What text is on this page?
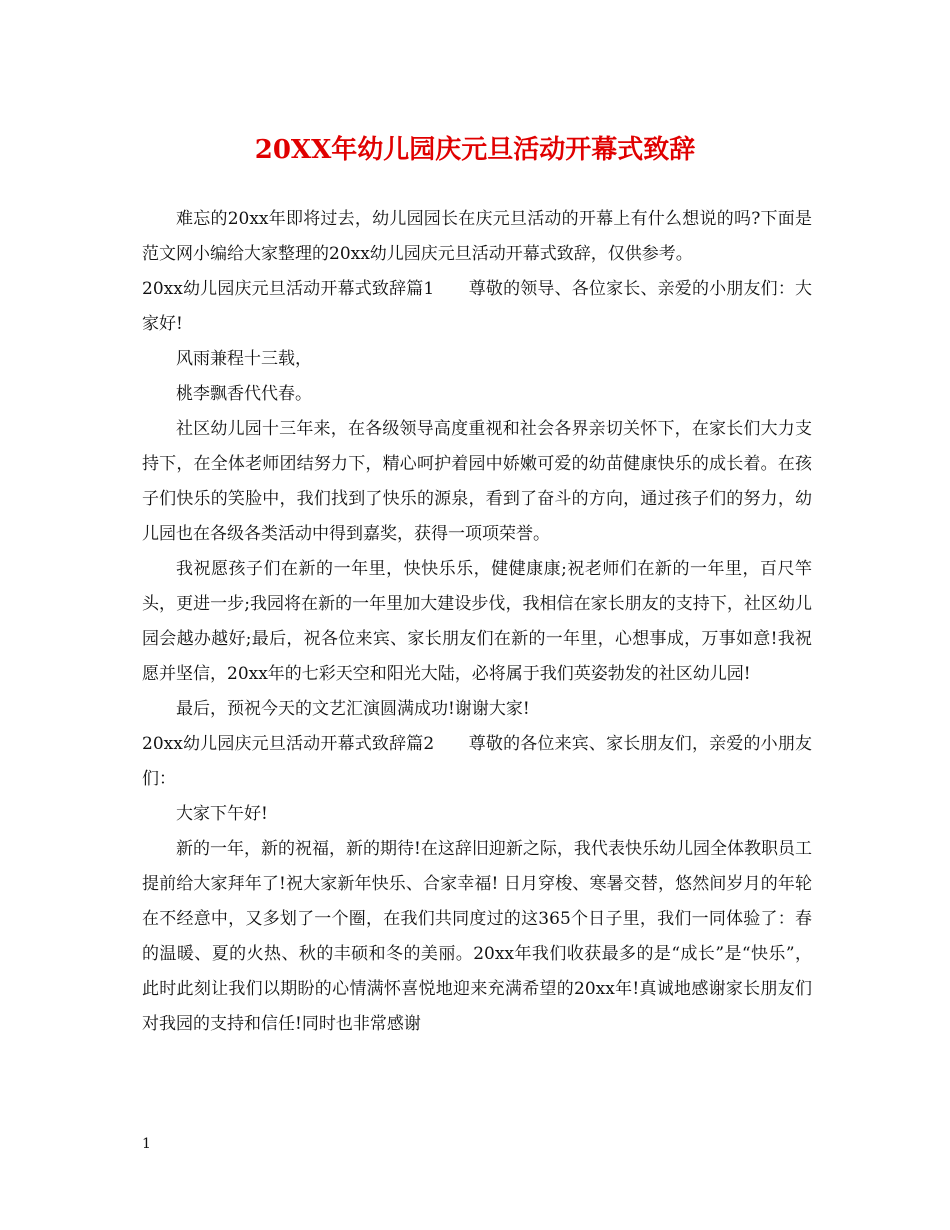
20XX年幼儿园庆元旦活动开幕式致辞

难忘的20xx年即将过去，幼儿园园长在庆元旦活动的开幕上有什么想说的吗?下面是范文网小编给大家整理的20xx幼儿园庆元旦活动开幕式致辞，仅供参考。

20xx幼儿园庆元旦活动开幕式致辞篇1　　尊敬的领导、各位家长、亲爱的小朋友们：大家好!

风雨兼程十三载，

桃李飘香代代春。

社区幼儿园十三年来，在各级领导高度重视和社会各界亲切关怀下，在家长们大力支持下，在全体老师团结努力下，精心呵护着园中娇嫩可爱的幼苗健康快乐的成长着。在孩子们快乐的笑脸中，我们找到了快乐的源泉，看到了奋斗的方向，通过孩子们的努力，幼儿园也在各级各类活动中得到嘉奖，获得一项项荣誉。

我祝愿孩子们在新的一年里，快快乐乐，健健康康;祝老师们在新的一年里，百尺竿头，更进一步;我园将在新的一年里加大建设步伐，我相信在家长朋友的支持下，社区幼儿园会越办越好;最后，祝各位来宾、家长朋友们在新的一年里，心想事成，万事如意!我祝愿并坚信，20xx年的七彩天空和阳光大陆，必将属于我们英姿勃发的社区幼儿园!

最后，预祝今天的文艺汇演圆满成功!谢谢大家!

20xx幼儿园庆元旦活动开幕式致辞篇2　　尊敬的各位来宾、家长朋友们，亲爱的小朋友们：

大家下午好!

新的一年，新的祝福，新的期待!在这辞旧迎新之际，我代表快乐幼儿园全体教职员工提前给大家拜年了!祝大家新年快乐、合家幸福! 日月穿梭、寒暑交替，悠然间岁月的年轮在不经意中，又多划了一个圈，在我们共同度过的这365个日子里，我们一同体验了：春的温暖、夏的火热、秋的丰硕和冬的美丽。20xx年我们收获最多的是“成长”是“快乐”，此时此刻让我们以期盼的心情满怀喜悦地迎来充满希望的20xx年!真诚地感谢家长朋友们对我园的支持和信任!同时也非常感谢

1
